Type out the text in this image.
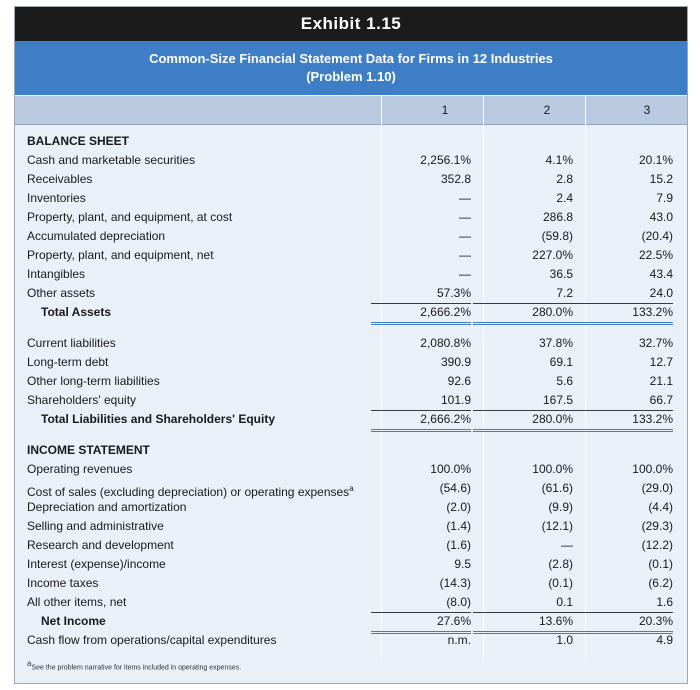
Exhibit 1.15
Common-Size Financial Statement Data for Firms in 12 Industries
(Problem 1.10)
1	2	3
BALANCE SHEET
Cash and marketable securities	2,256.1%	4.1%	20.1%
Receivables	352.8	2.8	15.2
Inventories	—	2.4	7.9
Property, plant, and equipment, at cost	—	286.8	43.0
Accumulated depreciation	—	(59.8)	(20.4)
Property, plant, and equipment, net	—	227.0%	22.5%
Intangibles	—	36.5	43.4
Other assets	57.3%	7.2	24.0
Total Assets	2,666.2%	280.0%	133.2%
Current liabilities	2,080.8%	37.8%	32.7%
Long-term debt	390.9	69.1	12.7
Other long-term liabilities	92.6	5.6	21.1
Shareholders' equity	101.9	167.5	66.7
Total Liabilities and Shareholders' Equity	2,666.2%	280.0%	133.2%
INCOME STATEMENT
Operating revenues	100.0%	100.0%	100.0%
Cost of sales (excluding depreciation) or operating expenses$^a$	(54.6)	(61.6)	(29.0)
Depreciation and amortization	(2.0)	(9.9)	(4.4)
Selling and administrative	(1.4)	(12.1)	(29.3)
Research and development	(1.6)	—	(12.2)
Interest (expense)/income	9.5	(2.8)	(0.1)
Income taxes	(14.3)	(0.1)	(6.2)
All other items, net	(8.0)	0.1	1.6
Net Income	27.6%	13.6%	20.3%
Cash flow from operations/capital expenditures	n.m.	1.0	4.9
$^a$See the problem narrative for items included in operating expenses.
